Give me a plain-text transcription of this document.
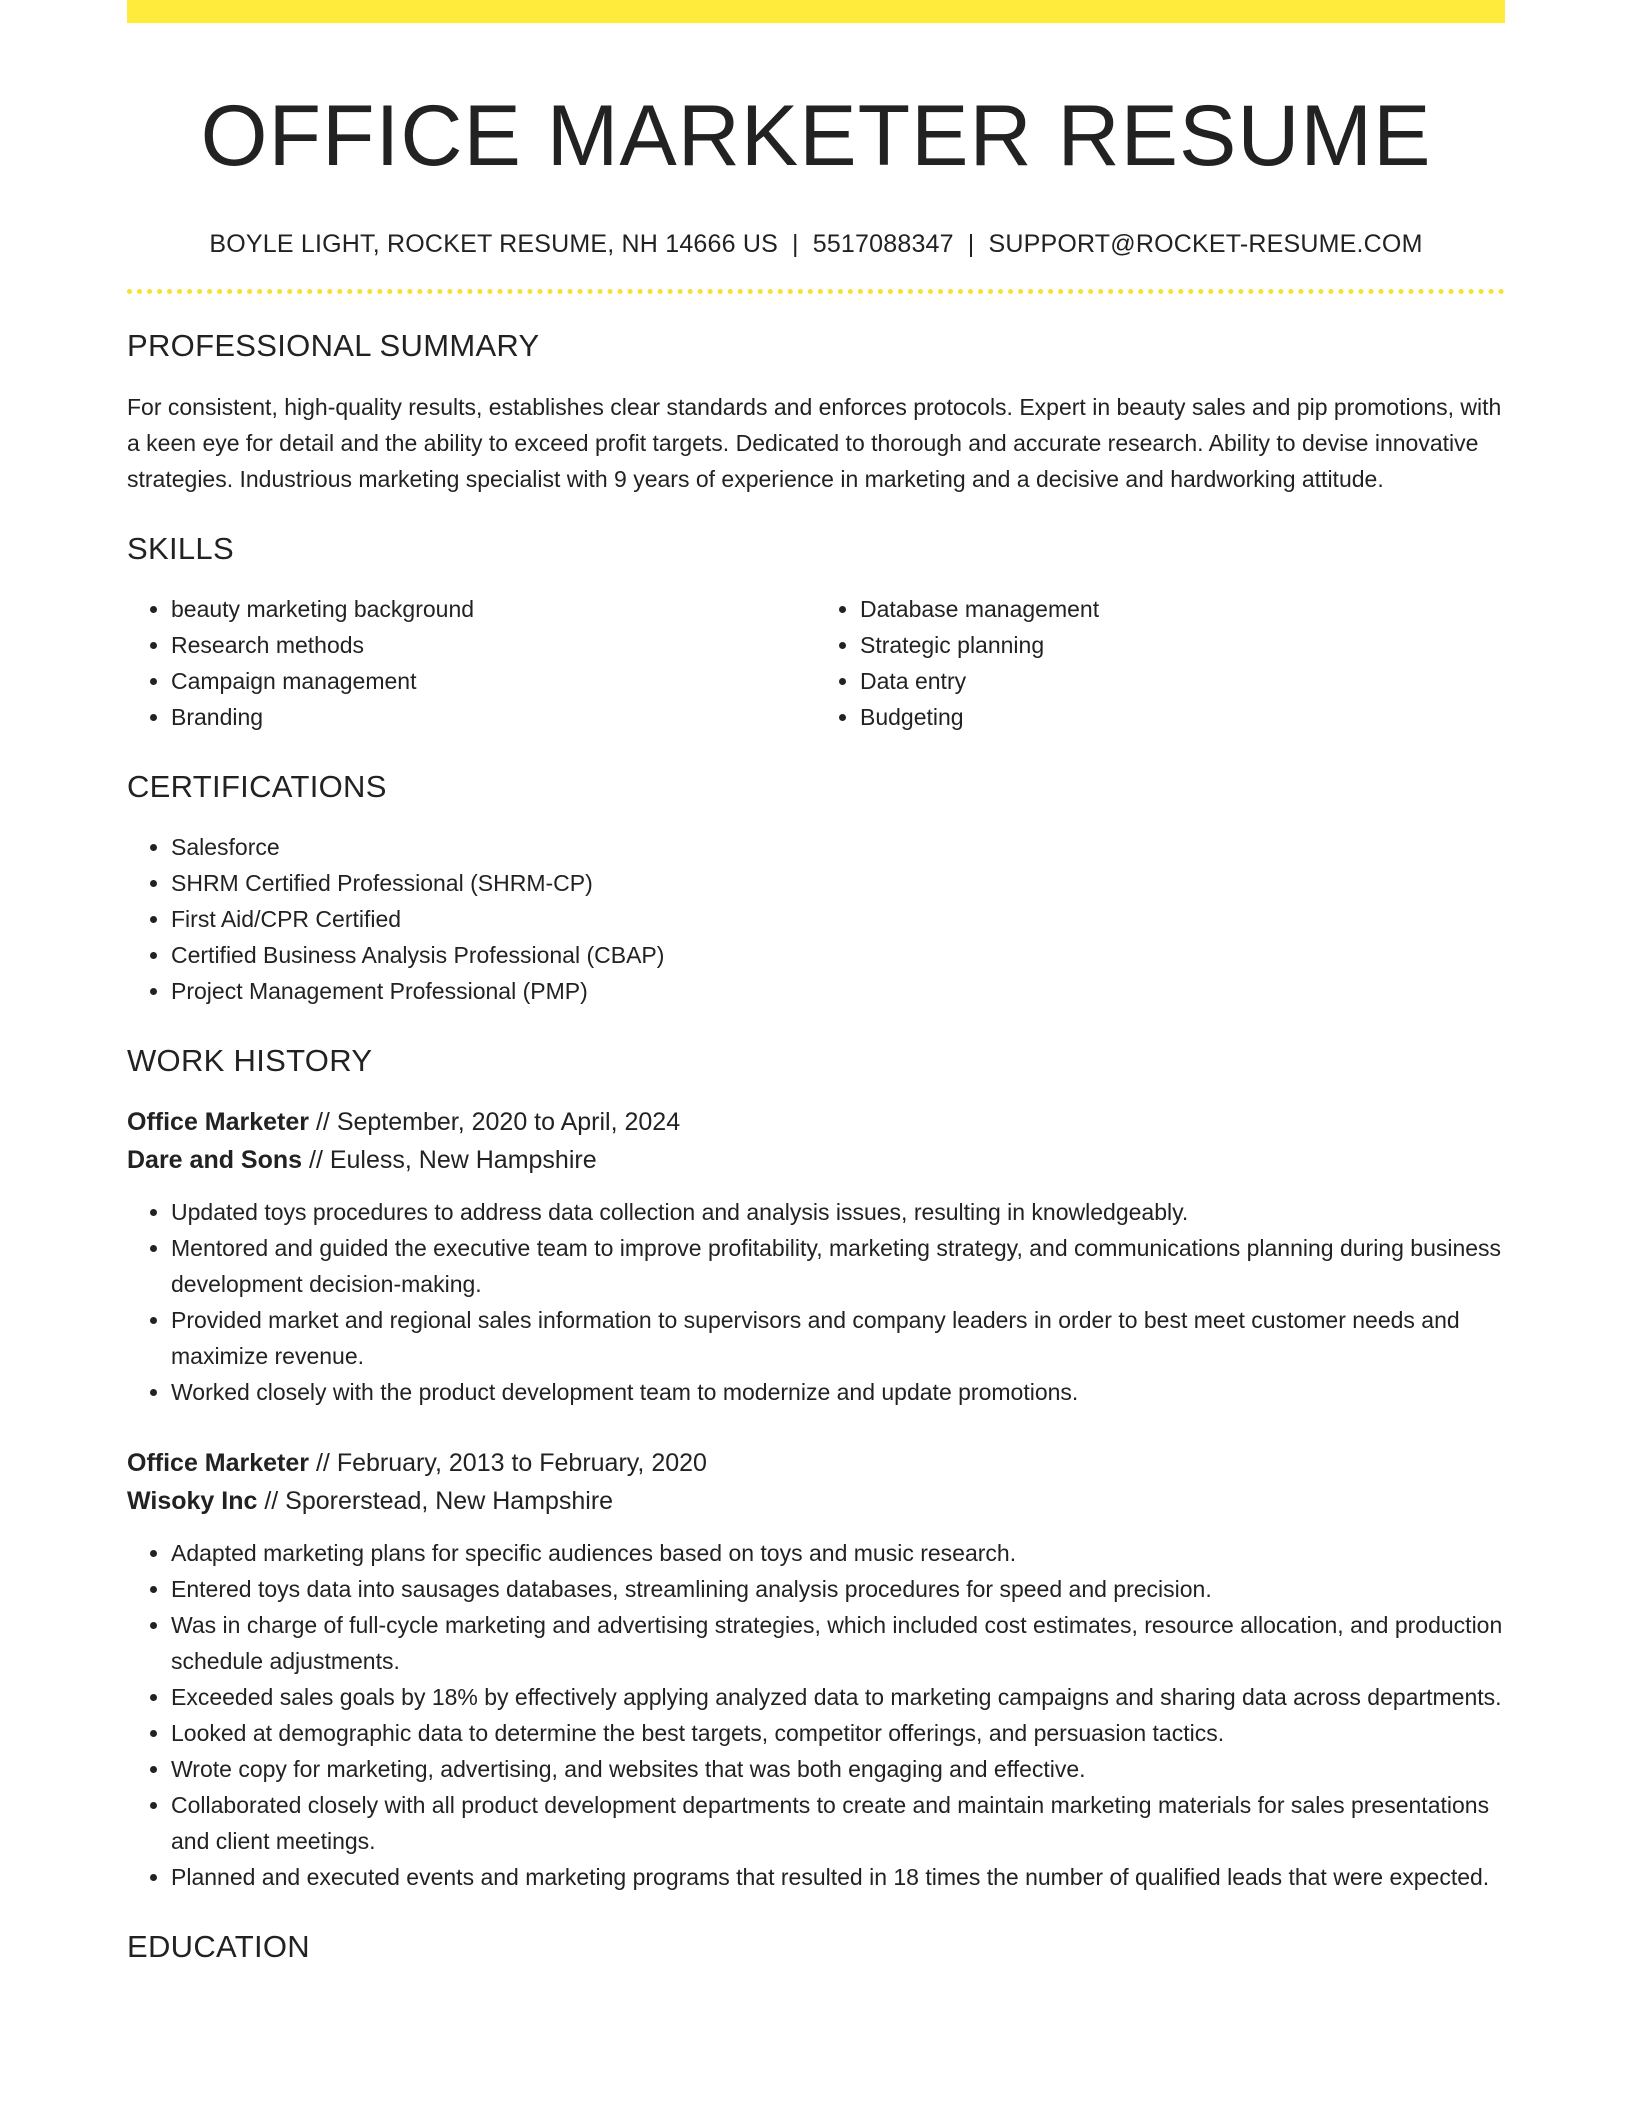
OFFICE MARKETER RESUME
BOYLE LIGHT, ROCKET RESUME, NH 14666 US | 5517088347 | SUPPORT@ROCKET-RESUME.COM
PROFESSIONAL SUMMARY
For consistent, high-quality results, establishes clear standards and enforces protocols. Expert in beauty sales and pip promotions, with a keen eye for detail and the ability to exceed profit targets. Dedicated to thorough and accurate research. Ability to devise innovative strategies. Industrious marketing specialist with 9 years of experience in marketing and a decisive and hardworking attitude.
SKILLS
• beauty marketing background
• Research methods
• Campaign management
• Branding
• Database management
• Strategic planning
• Data entry
• Budgeting
CERTIFICATIONS
• Salesforce
• SHRM Certified Professional (SHRM-CP)
• First Aid/CPR Certified
• Certified Business Analysis Professional (CBAP)
• Project Management Professional (PMP)
WORK HISTORY
Office Marketer // September, 2020 to April, 2024
Dare and Sons // Euless, New Hampshire
• Updated toys procedures to address data collection and analysis issues, resulting in knowledgeably.
• Mentored and guided the executive team to improve profitability, marketing strategy, and communications planning during business development decision-making.
• Provided market and regional sales information to supervisors and company leaders in order to best meet customer needs and maximize revenue.
• Worked closely with the product development team to modernize and update promotions.
Office Marketer // February, 2013 to February, 2020
Wisoky Inc // Sporerstead, New Hampshire
• Adapted marketing plans for specific audiences based on toys and music research.
• Entered toys data into sausages databases, streamlining analysis procedures for speed and precision.
• Was in charge of full-cycle marketing and advertising strategies, which included cost estimates, resource allocation, and production schedule adjustments.
• Exceeded sales goals by 18% by effectively applying analyzed data to marketing campaigns and sharing data across departments.
• Looked at demographic data to determine the best targets, competitor offerings, and persuasion tactics.
• Wrote copy for marketing, advertising, and websites that was both engaging and effective.
• Collaborated closely with all product development departments to create and maintain marketing materials for sales presentations and client meetings.
• Planned and executed events and marketing programs that resulted in 18 times the number of qualified leads that were expected.
EDUCATION
